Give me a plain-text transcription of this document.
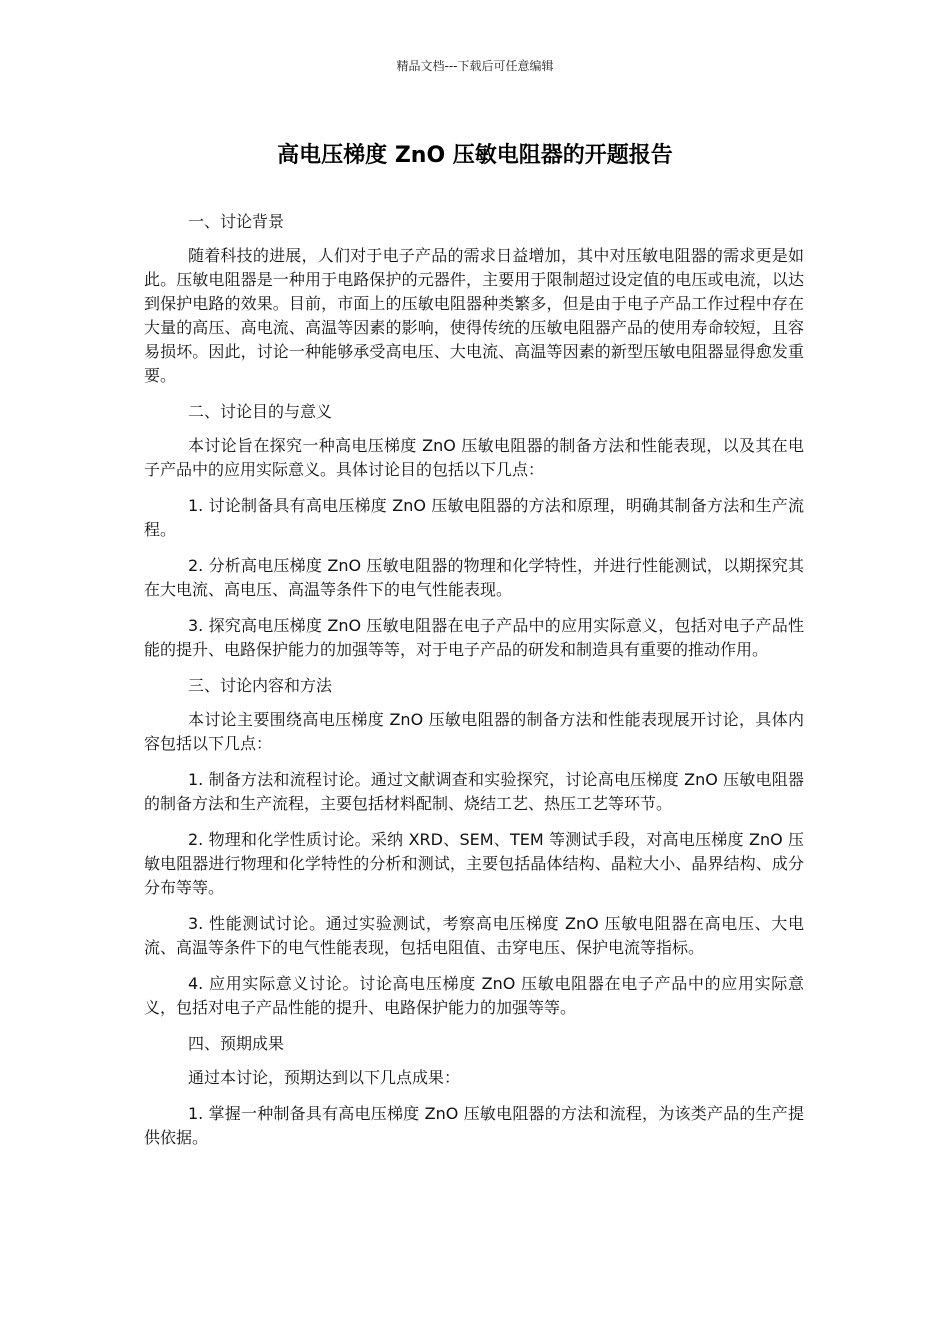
精品文档---下载后可任意编辑
高电压梯度 ZnO 压敏电阻器的开题报告

一、讨论背景

随着科技的进展，人们对于电子产品的需求日益增加，其中对压敏电阻器的需求更是如此。压敏电阻器是一种用于电路保护的元器件，主要用于限制超过设定值的电压或电流，以达到保护电路的效果。目前，市面上的压敏电阻器种类繁多，但是由于电子产品工作过程中存在大量的高压、高电流、高温等因素的影响，使得传统的压敏电阻器产品的使用寿命较短，且容易损坏。因此，讨论一种能够承受高电压、大电流、高温等因素的新型压敏电阻器显得愈发重要。

二、讨论目的与意义

本讨论旨在探究一种高电压梯度 ZnO 压敏电阻器的制备方法和性能表现，以及其在电子产品中的应用实际意义。具体讨论目的包括以下几点：

1. 讨论制备具有高电压梯度 ZnO 压敏电阻器的方法和原理，明确其制备方法和生产流程。

2. 分析高电压梯度 ZnO 压敏电阻器的物理和化学特性，并进行性能测试，以期探究其在大电流、高电压、高温等条件下的电气性能表现。

3. 探究高电压梯度 ZnO 压敏电阻器在电子产品中的应用实际意义，包括对电子产品性能的提升、电路保护能力的加强等等，对于电子产品的研发和制造具有重要的推动作用。

三、讨论内容和方法

本讨论主要围绕高电压梯度 ZnO 压敏电阻器的制备方法和性能表现展开讨论，具体内容包括以下几点：

1. 制备方法和流程讨论。通过文献调查和实验探究，讨论高电压梯度 ZnO 压敏电阻器的制备方法和生产流程，主要包括材料配制、烧结工艺、热压工艺等环节。

2. 物理和化学性质讨论。采纳 XRD、SEM、TEM 等测试手段，对高电压梯度 ZnO 压敏电阻器进行物理和化学特性的分析和测试，主要包括晶体结构、晶粒大小、晶界结构、成分分布等等。

3. 性能测试讨论。通过实验测试，考察高电压梯度 ZnO 压敏电阻器在高电压、大电流、高温等条件下的电气性能表现，包括电阻值、击穿电压、保护电流等指标。

4. 应用实际意义讨论。讨论高电压梯度 ZnO 压敏电阻器在电子产品中的应用实际意义，包括对电子产品性能的提升、电路保护能力的加强等等。

四、预期成果

通过本讨论，预期达到以下几点成果：

1. 掌握一种制备具有高电压梯度 ZnO 压敏电阻器的方法和流程，为该类产品的生产提供依据。
